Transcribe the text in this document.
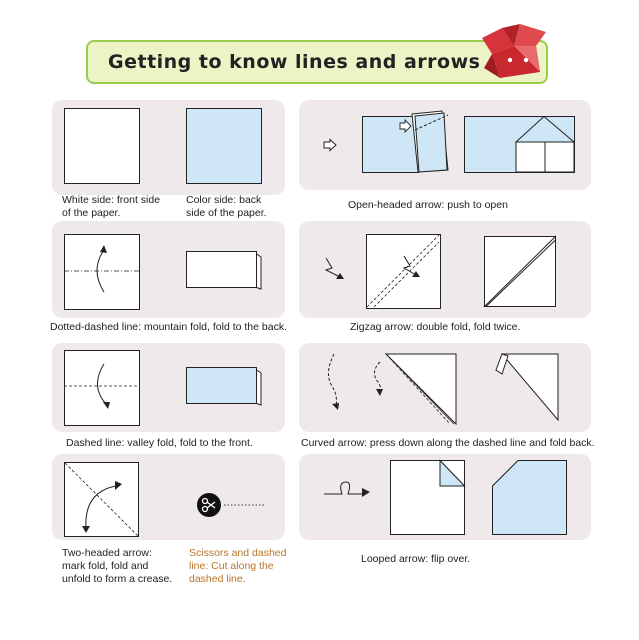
Getting to know lines and arrows
White side: front side
of the paper.
Color side: back
side of the paper.
Open-headed arrow: push to open
Dotted-dashed line: mountain fold, fold to the back.	Zigzag arrow: double fold, fold twice.
Dashed line: valley fold, fold to the front.	Curved arrow: press down along the dashed line and fold back.
Two-headed arrow:
mark fold, fold and
unfold to form a crease.
Scissors and dashed
line: Cut along the
dashed line.
Looped arrow: flip over.
